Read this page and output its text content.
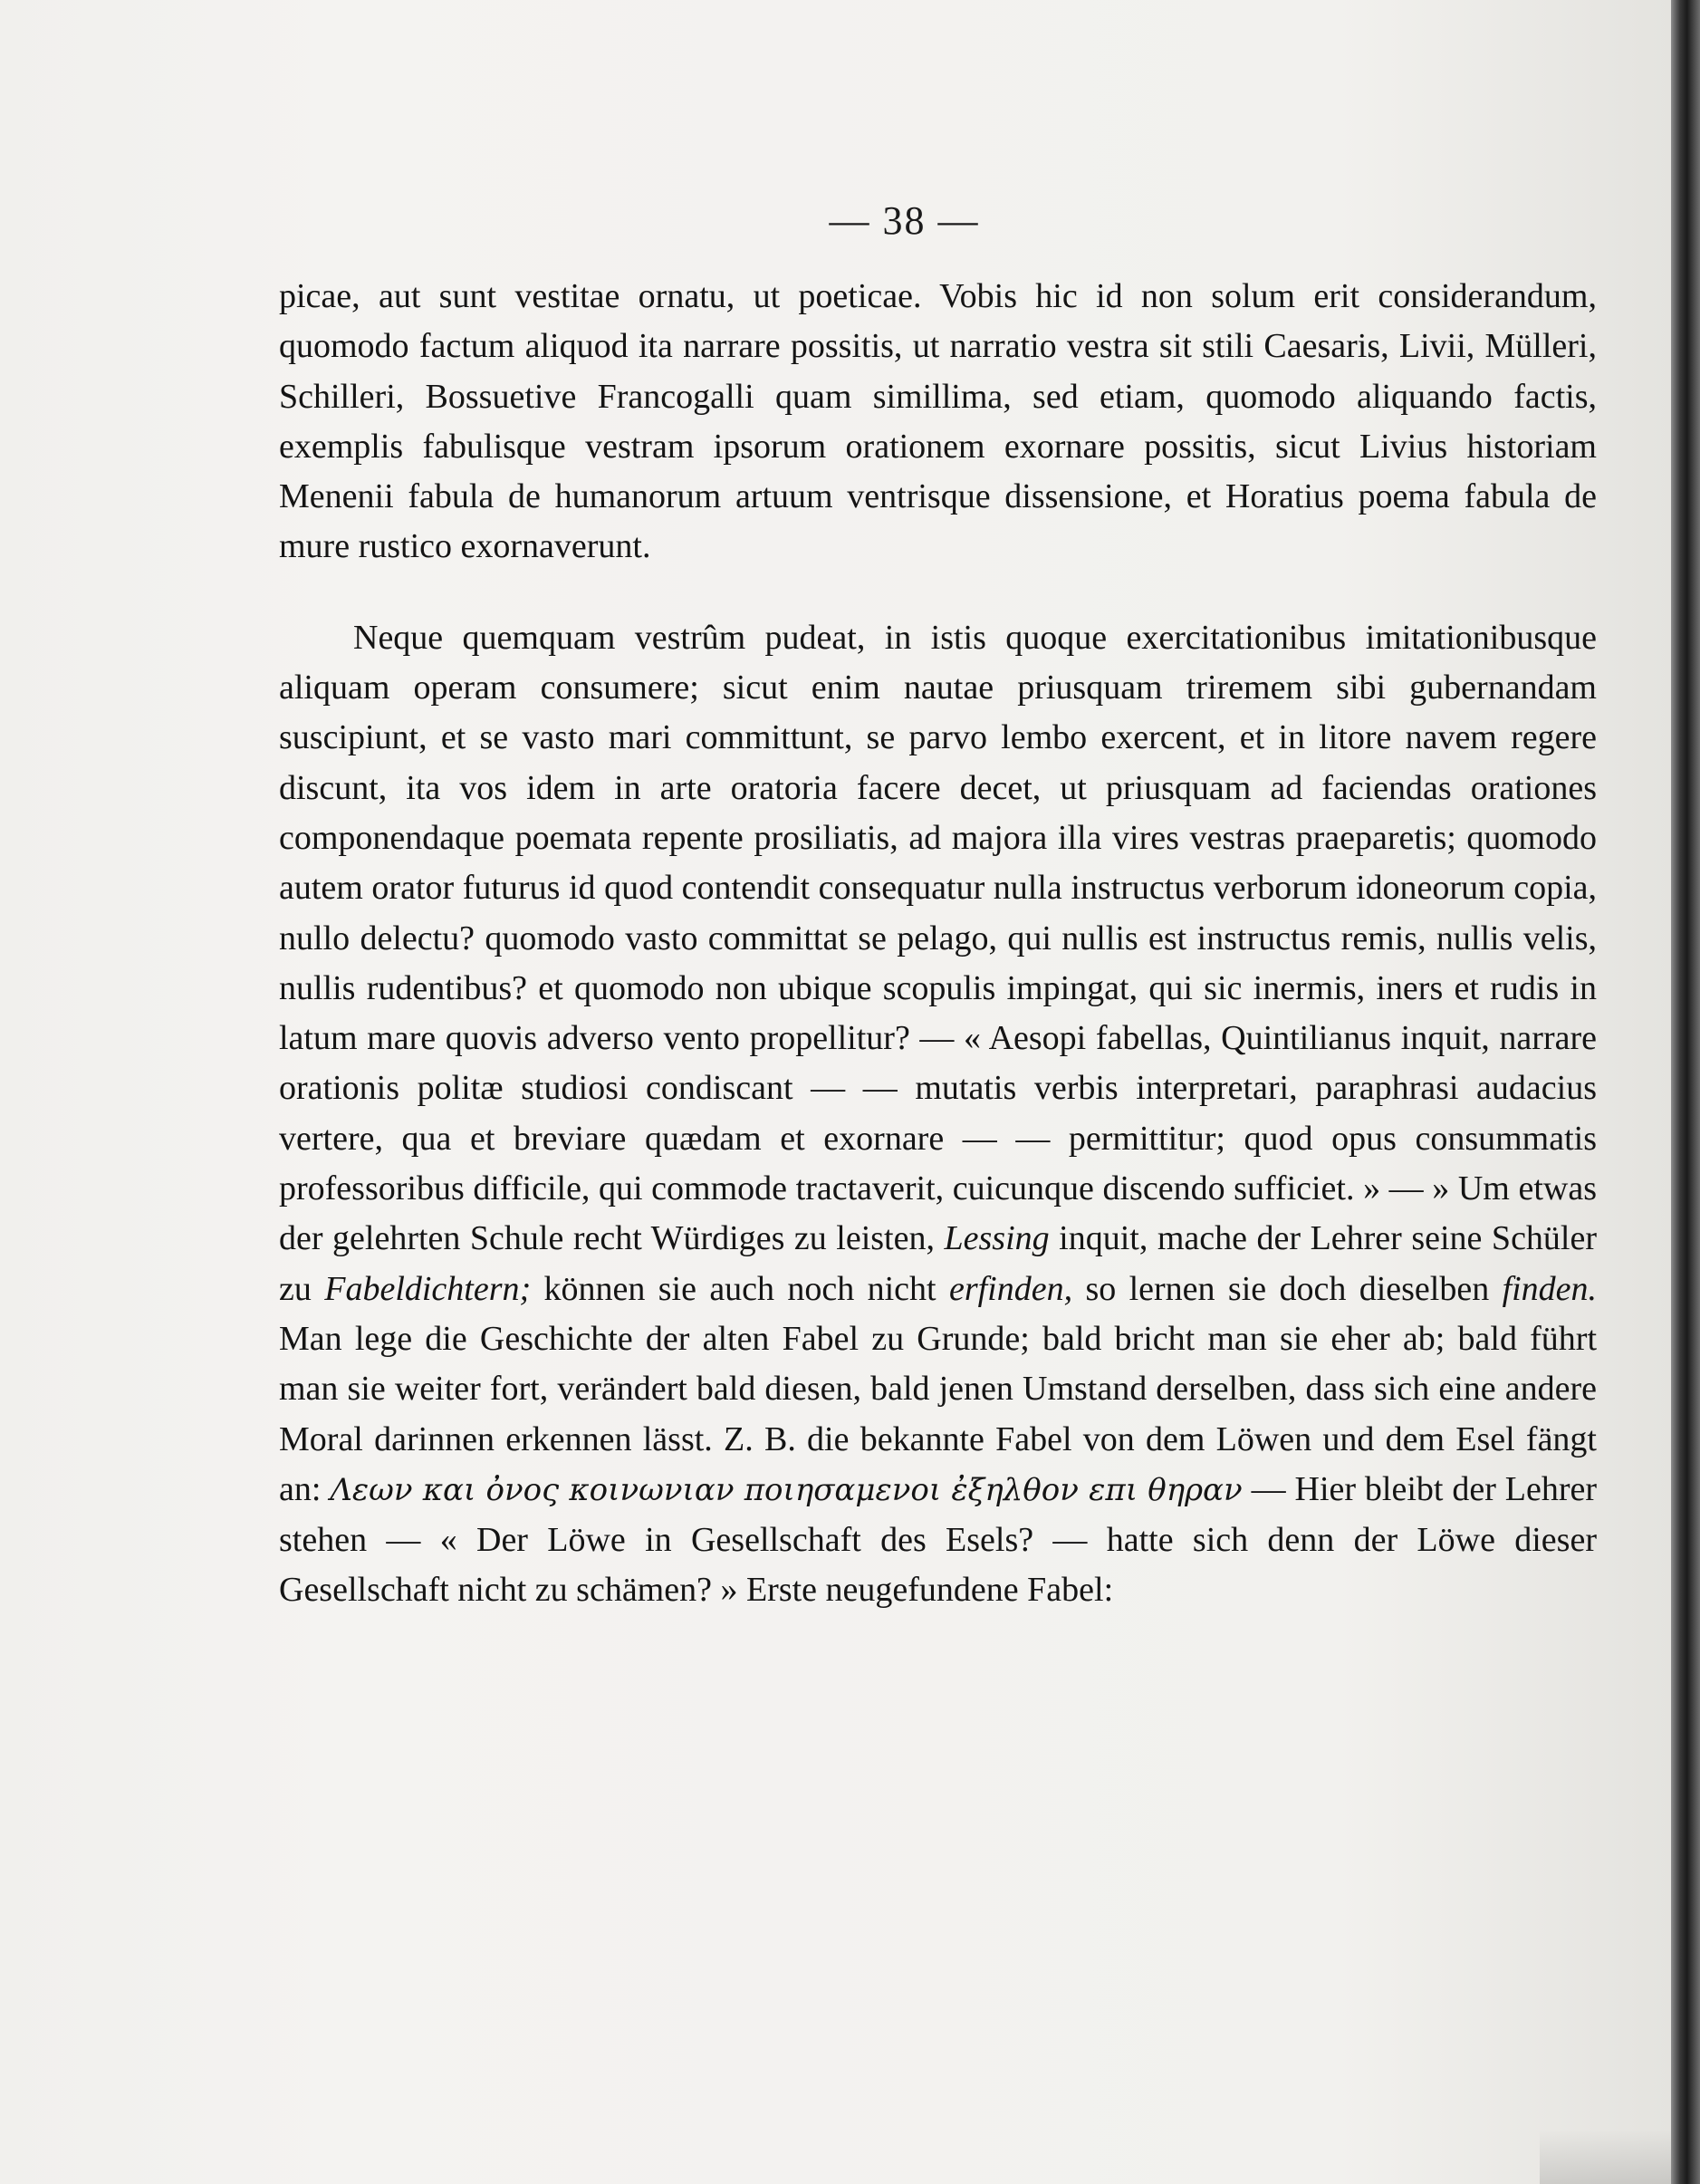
— 38 —

picae, aut sunt vestitae ornatu, ut poeticae. Vobis hic id non solum erit considerandum, quomodo factum aliquod ita narrare possitis, ut narratio vestra sit stili Caesaris, Livii, Mülleri, Schilleri, Bossuetive Francogalli quam simillima, sed etiam, quomodo aliquando factis, exemplis fabulisque vestram ipsorum orationem exornare possitis, sicut Livius historiam Menenii fabula de humanorum artuum ventrisque dissensione, et Horatius poema fabula de mure rustico exornaverunt.

Neque quemquam vestrûm pudeat, in istis quoque exercitationibus imitationibusque aliquam operam consumere; sicut enim nautae priusquam triremem sibi gubernandam suscipiunt, et se vasto mari committunt, se parvo lembo exercent, et in litore navem regere discunt, ita vos idem in arte oratoria facere decet, ut priusquam ad faciendas orationes componendaque poemata repente prosiliatis, ad majora illa vires vestras praeparetis; quomodo autem orator futurus id quod contendit consequatur nulla instructus verborum idoneorum copia, nullo delectu? quomodo vasto committat se pelago, qui nullis est instructus remis, nullis velis, nullis rudentibus? et quomodo non ubique scopulis impingat, qui sic inermis, iners et rudis in latum mare quovis adverso vento propellitur? — « Aesopi fabellas, Quintilianus inquit, narrare orationis politæ studiosi condiscant — — mutatis verbis interpretari, paraphrasi audacius vertere, qua et breviare quædam et exornare — — permittitur; quod opus consummatis professoribus difficile, qui commode tractaverit, cuicunque discendo sufficiet. » — » Um etwas der gelehrten Schule recht Würdiges zu leisten, Lessing inquit, mache der Lehrer seine Schüler zu Fabeldichtern; können sie auch noch nicht erfinden, so lernen sie doch dieselben finden. Man lege die Geschichte der alten Fabel zu Grunde; bald bricht man sie eher ab; bald führt man sie weiter fort, verändert bald diesen, bald jenen Umstand derselben, dass sich eine andere Moral darinnen erkennen lässt. Z. B. die bekannte Fabel von dem Löwen und dem Esel fängt an: Λεων και ὀνος κοινωνιαν ποιησαμενοι ἐξηλθον επι θηραν — Hier bleibt der Lehrer stehen — « Der Löwe in Gesellschaft des Esels? — hatte sich denn der Löwe dieser Gesellschaft nicht zu schämen? » Erste neugefundene Fabel:
